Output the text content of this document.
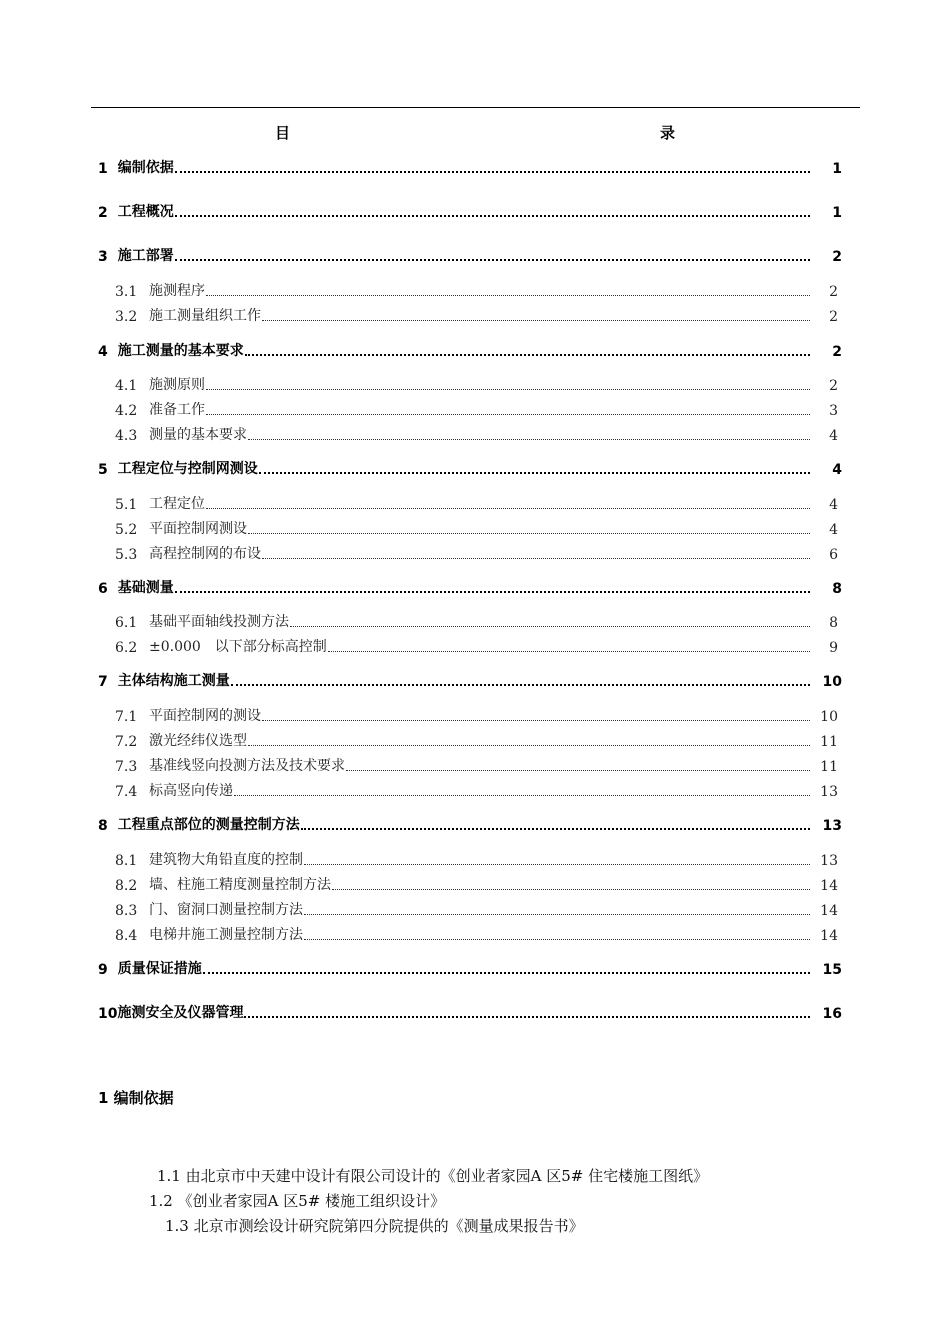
目	录
1 编制依据	1
2 工程概况	1
3 施工部署	2
3.1 施测程序	2
3.2 施工测量组织工作	2
4 施工测量的基本要求	2
4.1 施测原则	2
4.2 准备工作	3
4.3 测量的基本要求	4
5 工程定位与控制网测设	4
5.1 工程定位	4
5.2 平面控制网测设	4
5.3 高程控制网的布设	6
6 基础测量	8
6.1 基础平面轴线投测方法	8
6.2 ±0.000　以下部分标高控制	9
7 主体结构施工测量	10
7.1 平面控制网的测设	10
7.2 激光经纬仪选型	11
7.3 基准线竖向投测方法及技术要求	11
7.4 标高竖向传递	13
8 工程重点部位的测量控制方法	13
8.1 建筑物大角铅直度的控制	13
8.2 墙、柱施工精度测量控制方法	14
8.3 门、窗洞口测量控制方法	14
8.4 电梯井施工测量控制方法	14
9 质量保证措施	15
10 施测安全及仪器管理	16
1 编制依据
1.1 由北京市中天建中设计有限公司设计的《创业者家园A 区5# 住宅楼施工图纸》
1.2 《创业者家园A 区5# 楼施工组织设计》
1.3 北京市测绘设计研究院第四分院提供的《测量成果报告书》
